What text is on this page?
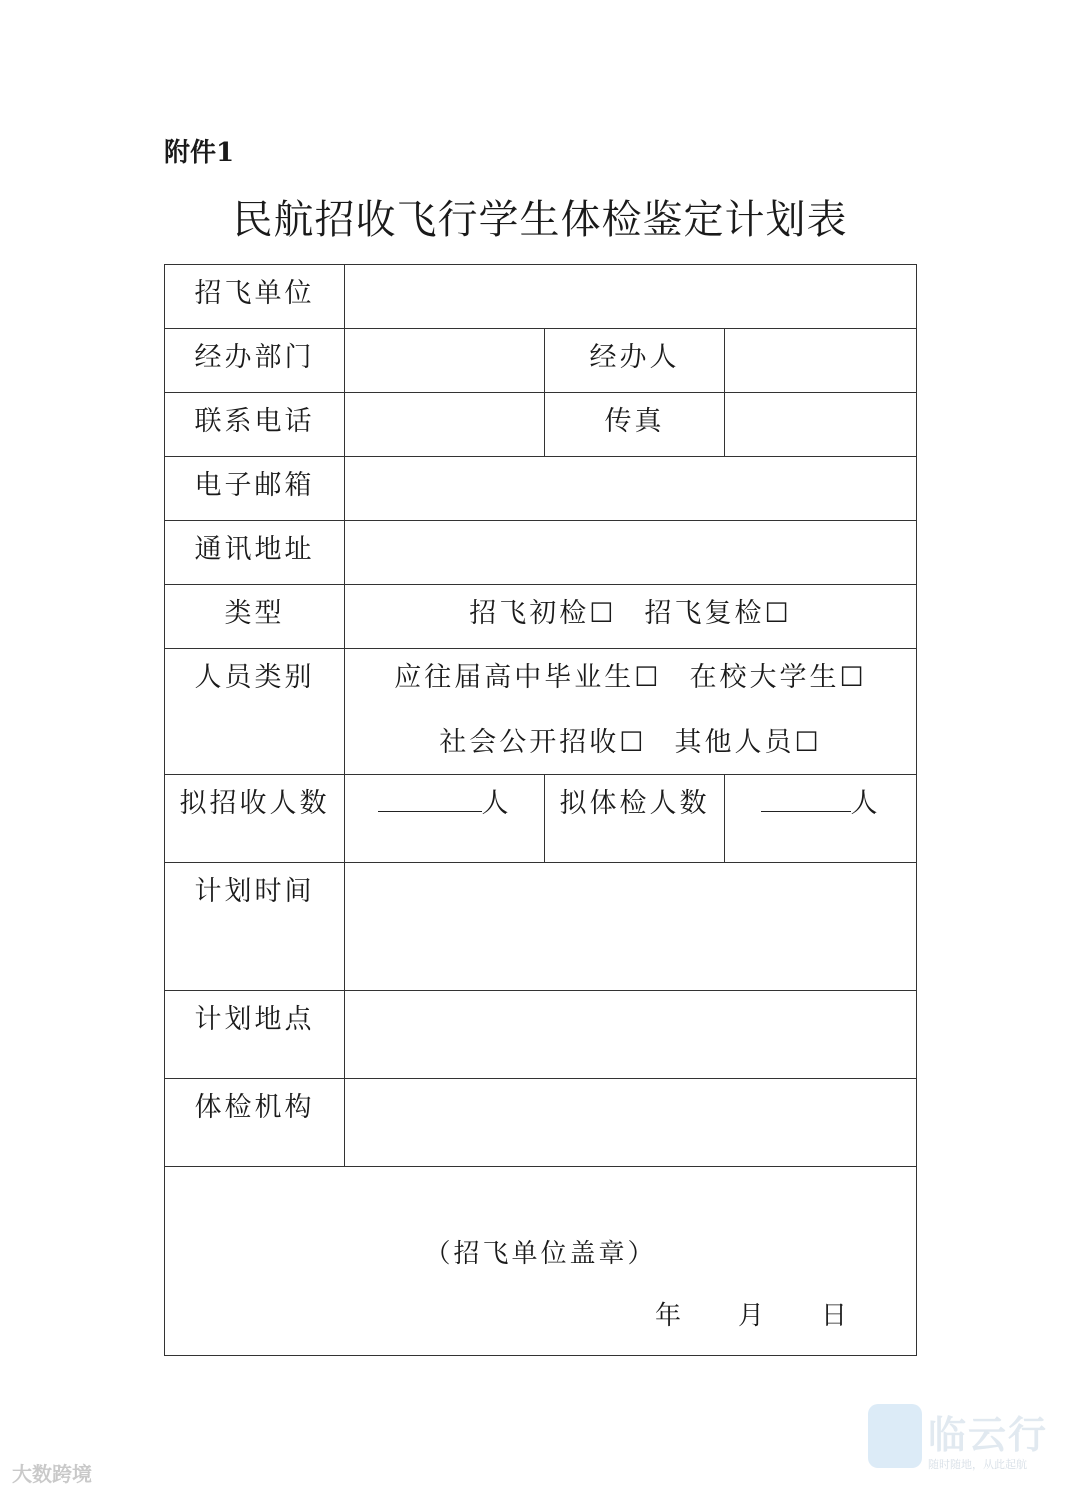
附件1
民航招收飞行学生体检鉴定计划表
招飞单位			
经办部门		经办人	
联系电话		传真	
电子邮箱			
通讯地址			
类型	招飞初检☐ 招飞复检☐		
人员类别	应往届高中毕业生☐ 在校大学生☐
社会公开招收☐ 其他人员☐		

拟招收人数	人	拟体检人数	人
计划时间			
计划地点			
体检机构			

（招飞单位盖章）
年 月 日			
大数跨境
临云行
随时随地，从此起航
